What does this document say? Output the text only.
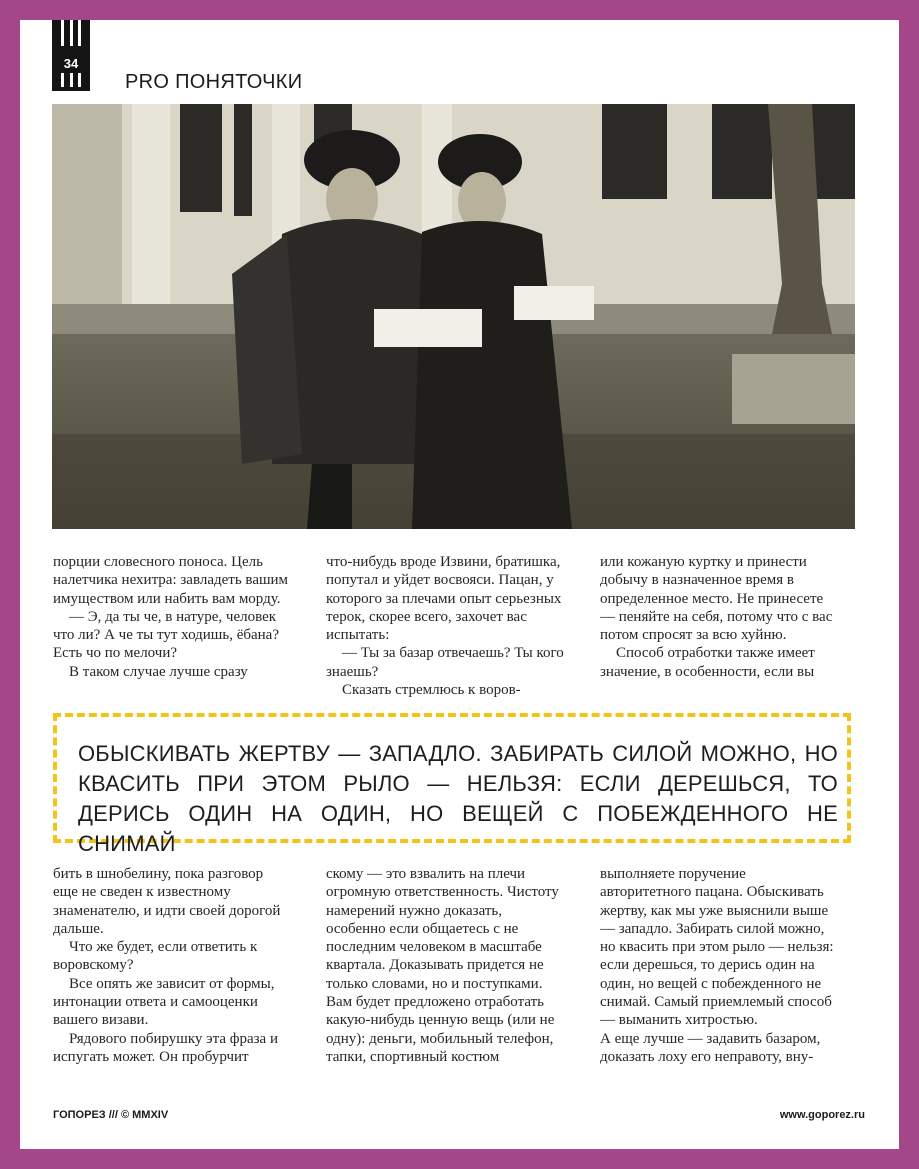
34
PRO ПОНЯТОЧКИ

порции словесного поноса. Цель налетчика нехитра: завладеть вашим имуществом или набить вам морду.

— Э, да ты че, в натуре, человек что ли? А че ты тут ходишь, ёбана? Есть чо по мелочи?

В таком случае лучше сразу

что-нибудь вроде Извини, братишка, попутал и уйдет восвояси. Пацан, у которого за плечами опыт серьезных терок, скорее всего, захочет вас испытать:

— Ты за базар отвечаешь? Ты кого знаешь?

Сказать стремлюсь к воров-

или кожаную куртку и принести добычу в назначенное время в определенное место. Не принесете — пеняйте на себя, потому что с вас потом спросят за всю хуйню.

Способ отработки также имеет значение, в особенности, если вы

ОБЫСКИВАТЬ ЖЕРТВУ — ЗАПАДЛО. ЗАБИРАТЬ СИЛОЙ МОЖНО, НО КВАСИТЬ ПРИ ЭТОМ РЫЛО — НЕЛЬЗЯ: ЕСЛИ ДЕРЕШЬСЯ, ТО ДЕРИСЬ ОДИН НА ОДИН, НО ВЕЩЕЙ С ПОБЕЖДЕННОГО НЕ СНИМАЙ

бить в шнобелину, пока разговор еще не сведен к известному знаменателю, и идти своей дорогой дальше.

Что же будет, если ответить к воровскому?

Все опять же зависит от формы, интонации ответа и самооценки вашего визави.

Рядового побирушку эта фраза и испугать может. Он пробурчит

скому — это взвалить на плечи огромную ответственность. Чистоту намерений нужно доказать, особенно если общаетесь с не последним человеком в масштабе квартала. Доказывать придется не только словами, но и поступками. Вам будет предложено отработать какую-нибудь ценную вещь (или не одну): деньги, мобильный телефон, тапки, спортивный костюм

выполняете поручение авторитетного пацана. Обыскивать жертву, как мы уже выяснили выше — западло. Забирать силой можно, но квасить при этом рыло — нельзя: если дерешься, то дерись один на один, но вещей с побежденного не снимай. Самый приемлемый способ — выманить хитростью.

А еще лучше — задавить базаром, доказать лоху его неправоту, вну-

ГОПОРЕЗ /// © MMXIV	www.goporez.ru
